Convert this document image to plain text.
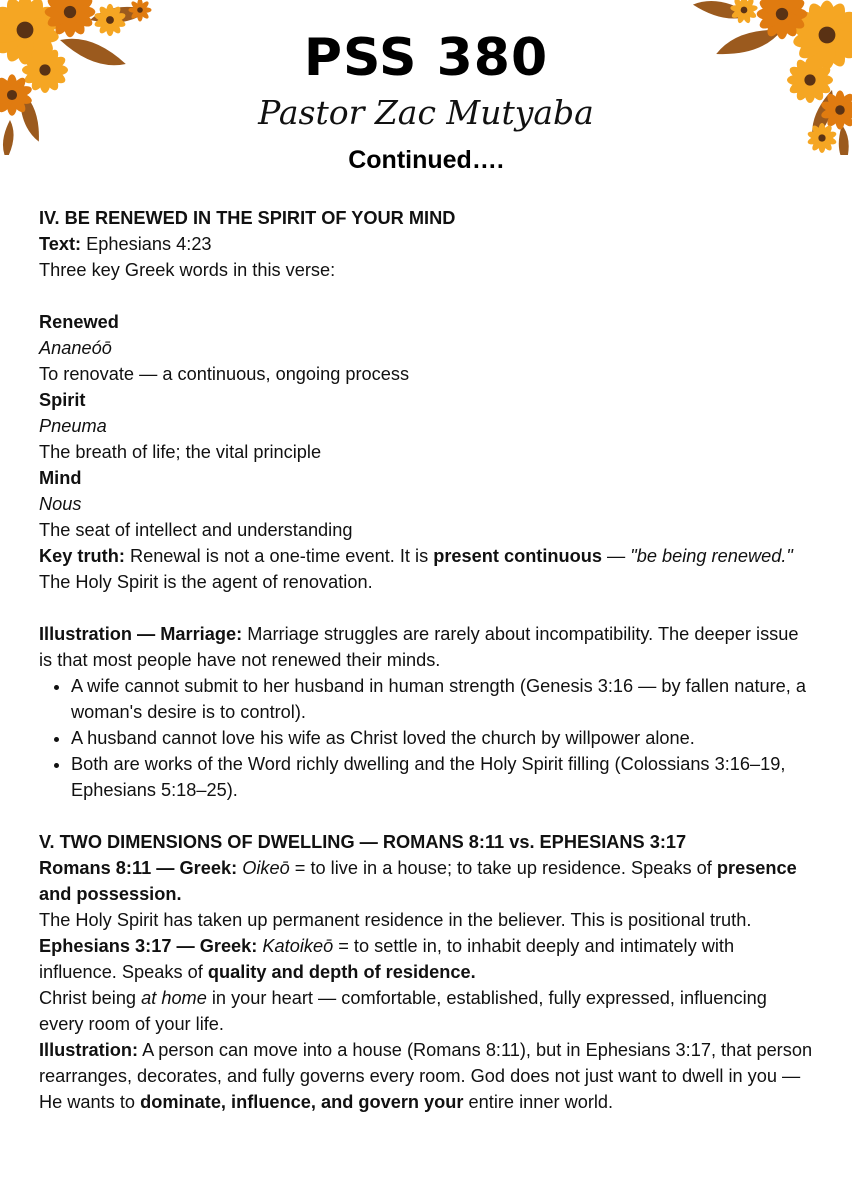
PSS 380
Pastor Zac Mutyaba
Continued….

IV. BE RENEWED IN THE SPIRIT OF YOUR MIND

Text: Ephesians 4:23

Three key Greek words in this verse:

Renewed

Ananeóō

To renovate — a continuous, ongoing process

Spirit

Pneuma

The breath of life; the vital principle

Mind

Nous

The seat of intellect and understanding

Key truth: Renewal is not a one-time event. It is present continuous — "be being renewed." The Holy Spirit is the agent of renovation.

Illustration — Marriage: Marriage struggles are rarely about incompatibility. The deeper issue is that most people have not renewed their minds.

• A wife cannot submit to her husband in human strength (Genesis 3:16 — by fallen nature, a woman's desire is to control).
• A husband cannot love his wife as Christ loved the church by willpower alone.
• Both are works of the Word richly dwelling and the Holy Spirit filling (Colossians 3:16–19, Ephesians 5:18–25).

V. TWO DIMENSIONS OF DWELLING — ROMANS 8:11 vs. EPHESIANS 3:17

Romans 8:11 — Greek: Oikeō = to live in a house; to take up residence. Speaks of presence and possession.

The Holy Spirit has taken up permanent residence in the believer. This is positional truth.

Ephesians 3:17 — Greek: Katoikeō = to settle in, to inhabit deeply and intimately with influence. Speaks of quality and depth of residence.

Christ being at home in your heart — comfortable, established, fully expressed, influencing every room of your life.

Illustration: A person can move into a house (Romans 8:11), but in Ephesians 3:17, that person rearranges, decorates, and fully governs every room. God does not just want to dwell in you — He wants to dominate, influence, and govern your entire inner world.
